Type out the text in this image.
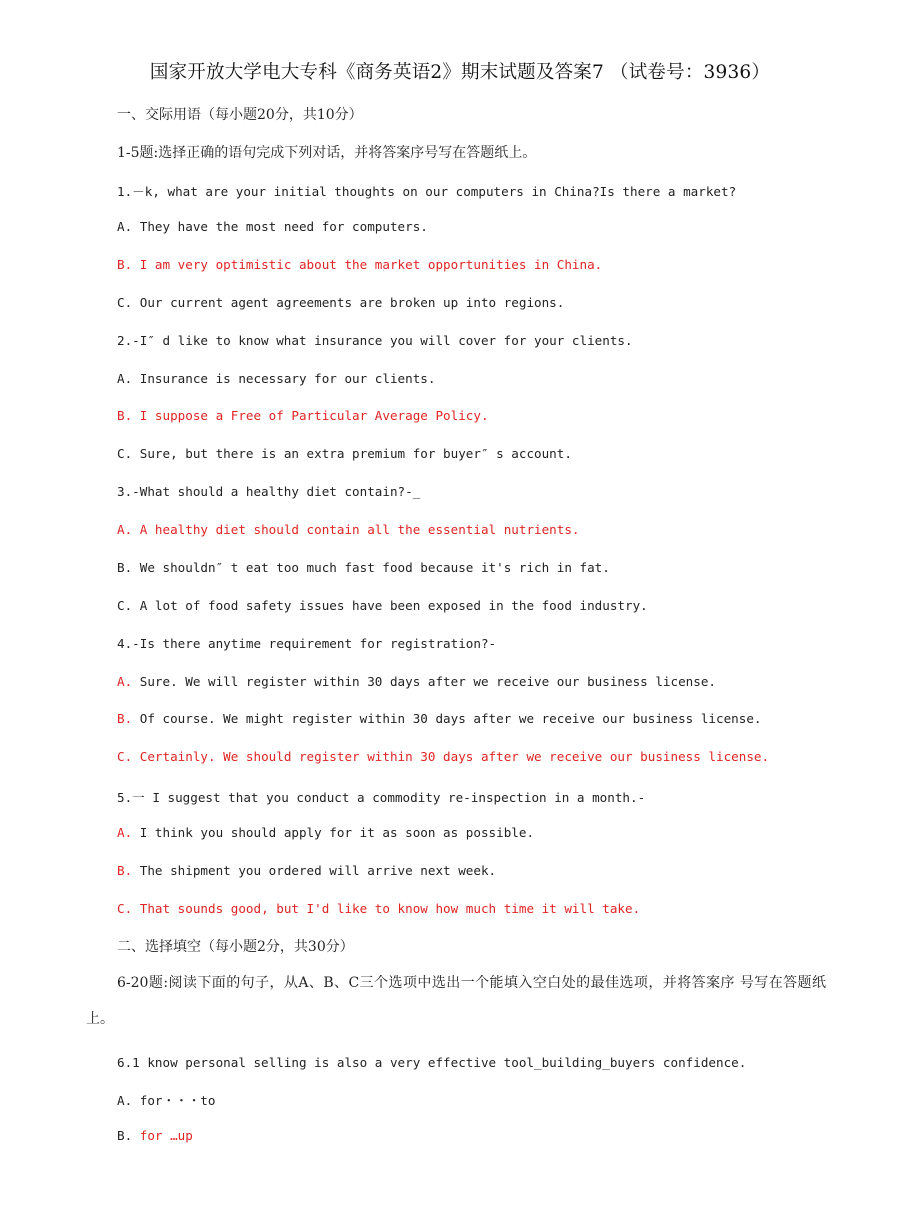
国家开放大学电大专科《商务英语2》期末试题及答案7 （试卷号：3936）
一、交际用语（每小题20分，共10分）
1-5题:选择正确的语句完成下列对话，并将答案序号写在答题纸上。
1.－k, what are your initial thoughts on our computers in China?Is there a market?
A. They have the most need for computers.
B. I am very optimistic about the market opportunities in China.
C. Our current agent agreements are broken up into regions.
2.-I″ d like to know what insurance you will cover for your clients.
A. Insurance is necessary for our clients.
B. I suppose a Free of Particular Average Policy.
C. Sure, but there is an extra premium for buyer″ s account.
3.-What should a healthy diet contain?-_
A. A healthy diet should contain all the essential nutrients.
B. We shouldn″ t eat too much fast food because it's rich in fat.
C. A lot of food safety issues have been exposed in the food industry.
4.-Is there anytime requirement for registration?-
A. Sure. We will register within 30 days after we receive our business license.
B. Of course. We might register within 30 days after we receive our business license.
C. Certainly. We should register within 30 days after we receive our business license.
5.一 I suggest that you conduct a commodity re-inspection in a month.-
A. I think you should apply for it as soon as possible.
B. The shipment you ordered will arrive next week.
C. That sounds good, but I'd like to know how much time it will take.
二、选择填空（每小题2分，共30分）
6-20题:阅读下面的句子，从A、B、C三个选项中选出一个能填入空白处的最佳选项，并将答案序 号写在答题纸上。
6.1 know personal selling is also a very effective tool_building_buyers confidence.
A. for・・・to
B. for …up
